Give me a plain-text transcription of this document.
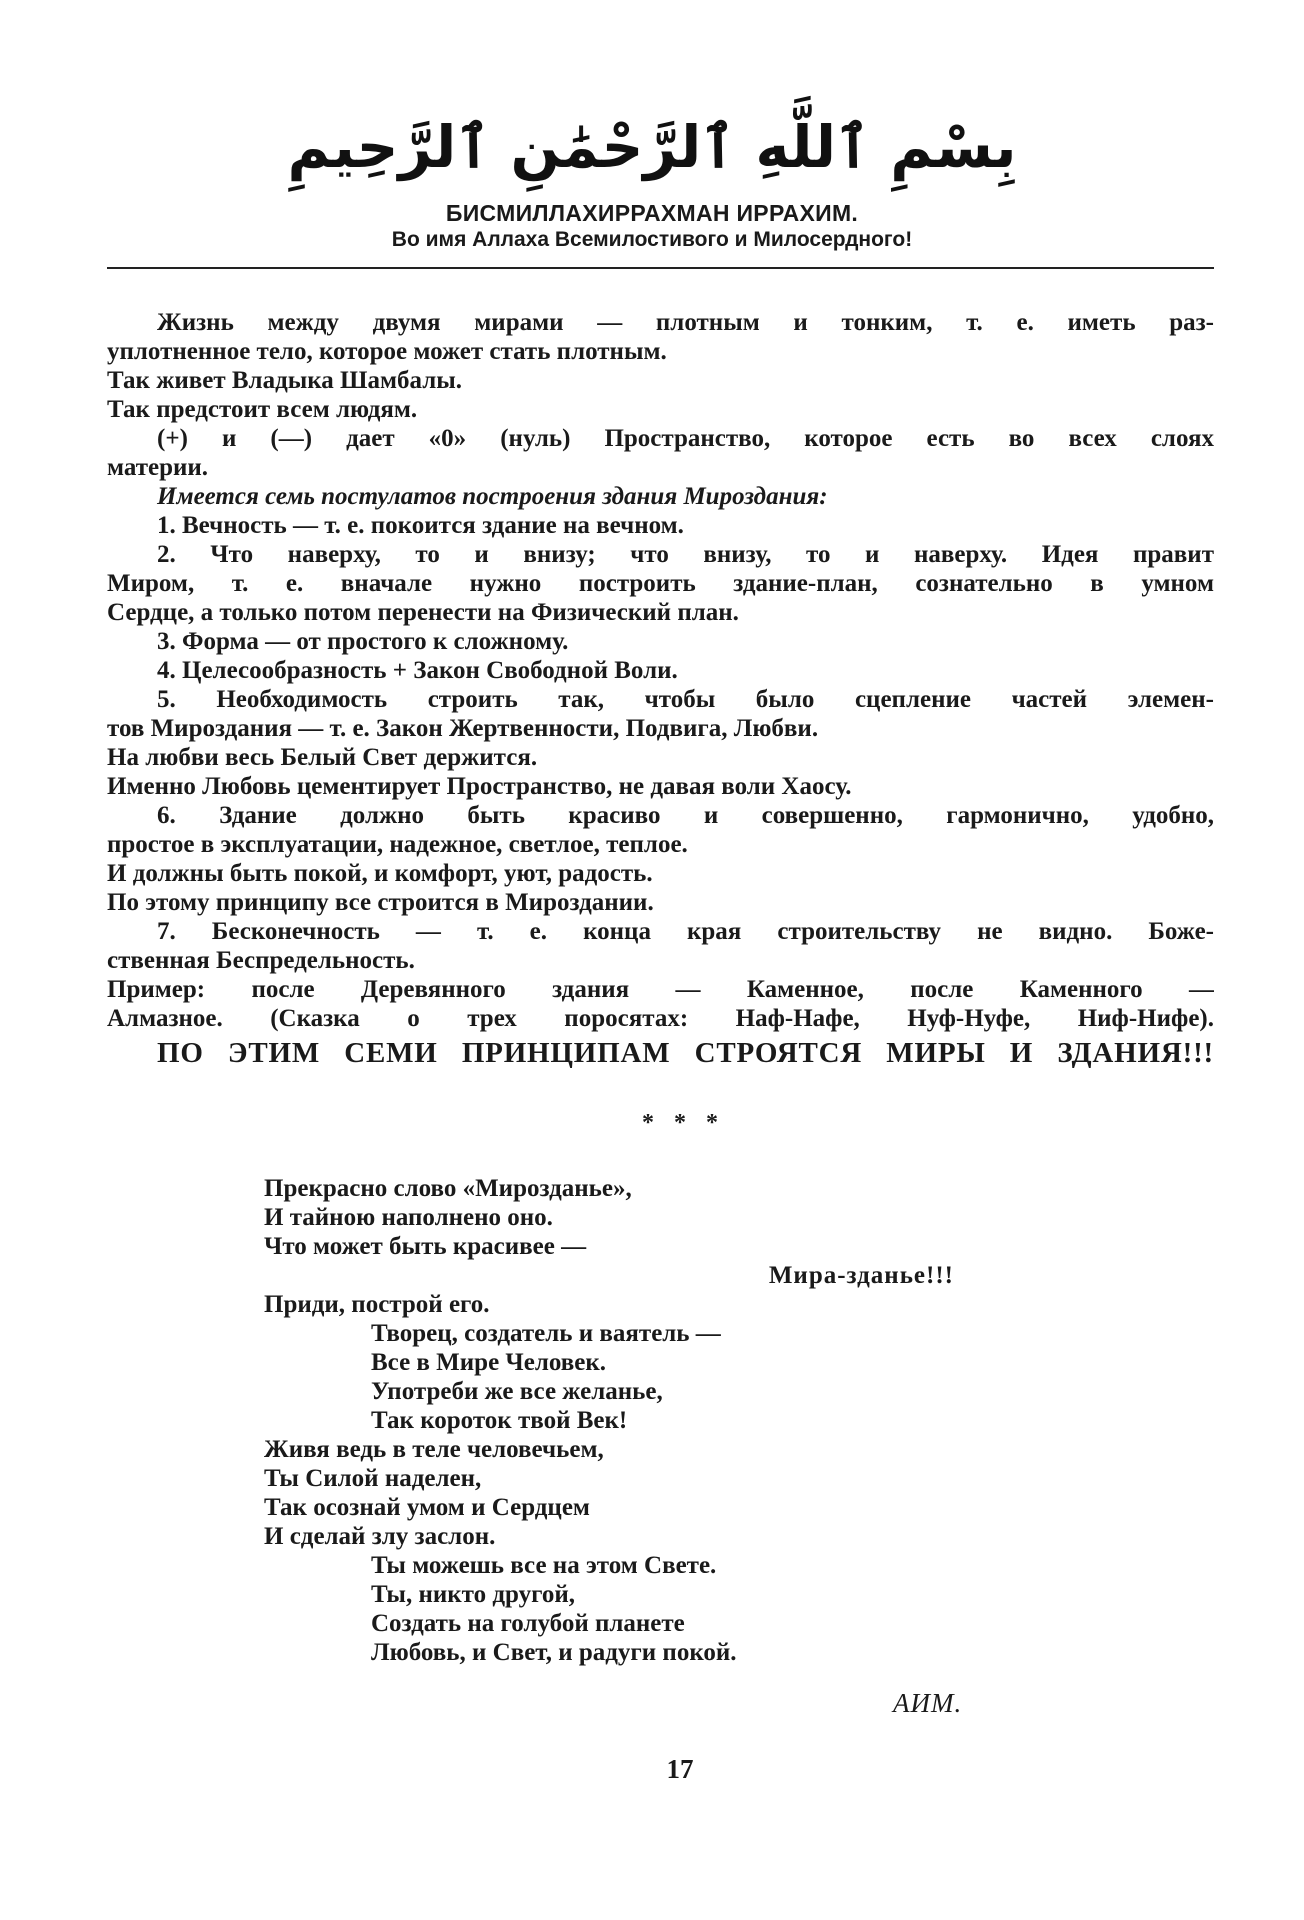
بِسْمِ ٱللَّهِ ٱلرَّحْمَٰنِ ٱلرَّحِيمِ
БИСМИЛЛАХИРРАХМАН ИРРАХИМ.
Во имя Аллаха Всемилостивого и Милосердного!
Жизнь между двумя мирами — плотным и тонким, т. е. иметь раз-
уплотненное тело, которое может стать плотным.
Так живет Владыка Шамбалы.
Так предстоит всем людям.
(+) и (—) дает «0» (нуль) Пространство, которое есть во всех слоях
материи.
Имеется семь постулатов построения здания Мироздания:
1. Вечность — т. е. покоится здание на вечном.
2. Что наверху, то и внизу; что внизу, то и наверху. Идея правит
Миром, т. е. вначале нужно построить здание-план, сознательно в умном
Сердце, а только потом перенести на Физический план.
3. Форма — от простого к сложному.
4. Целесообразность + Закон Свободной Воли.
5. Необходимость строить так, чтобы было сцепление частей элемен-
тов Мироздания — т. е. Закон Жертвенности, Подвига, Любви.
На любви весь Белый Свет держится.
Именно Любовь цементирует Пространство, не давая воли Хаосу.
6. Здание должно быть красиво и совершенно, гармонично, удобно,
простое в эксплуатации, надежное, светлое, теплое.
И должны быть покой, и комфорт, уют, радость.
По этому принципу все строится в Мироздании.
7. Бесконечность — т. е. конца края строительству не видно. Боже-
ственная Беспредельность.
Пример: после Деревянного здания — Каменное, после Каменного —
Алмазное. (Сказка о трех поросятах: Наф-Нафе, Нуф-Нуфе, Ниф-Нифе).
ПО ЭТИМ СЕМИ ПРИНЦИПАМ СТРОЯТСЯ МИРЫ И ЗДАНИЯ!!!
* * *
Прекрасно слово «Мирозданье»,
И тайною наполнено оно.
Что может быть красивее —
Мира-зданье!!!
Приди, построй его.
Творец, создатель и ваятель —
Все в Мире Человек.
Употреби же все желанье,
Так короток твой Век!
Живя ведь в теле человечьем,
Ты Силой наделен,
Так осознай умом и Сердцем
И сделай злу заслон.
Ты можешь все на этом Свете.
Ты, никто другой,
Создать на голубой планете
Любовь, и Свет, и радуги покой.
АИМ.
17
